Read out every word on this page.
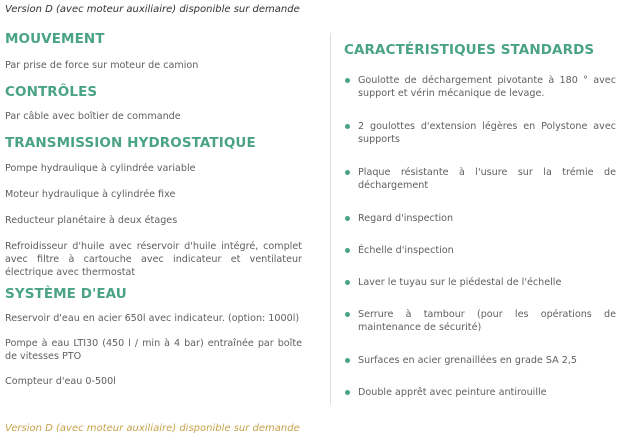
Version D (avec moteur auxiliaire) disponible sur demande
MOUVEMENT

Par prise de force sur moteur de camion

CONTRÔLES

Par câble avec boîtier de commande

TRANSMISSION HYDROSTATIQUE

Pompe hydraulique à cylindrée variable

Moteur hydraulique à cylindrée fixe

Reducteur planétaire à deux étages

Refroidisseur d'huile avec réservoir d'huile intégré, complet avec filtre à cartouche avec indicateur et ventilateur électrique avec thermostat

SYSTÈME D'EAU

Reservoir d'eau en acier 650l avec indicateur. (option: 1000l)

Pompe à eau LTI30 (450 l / min à 4 bar) entraînée par boîte de vitesses PTO

Compteur d'eau 0-500l

Version D (avec moteur auxiliaire) disponible sur demande
CARACTÉRISTIQUES STANDARDS

Goulotte de déchargement pivotante à 180 ° avec support et vérin mécanique de levage.

2 goulottes d'extension légères en Polystone avec supports

Plaque résistante à l'usure sur la trémie de déchargement

Regard d'inspection

Échelle d'inspection

Laver le tuyau sur le piédestal de l'échelle

Serrure à tambour (pour les opérations de maintenance de sécurité)

Surfaces en acier grenaillées en grade SA 2,5

Double apprêt avec peinture antirouille
